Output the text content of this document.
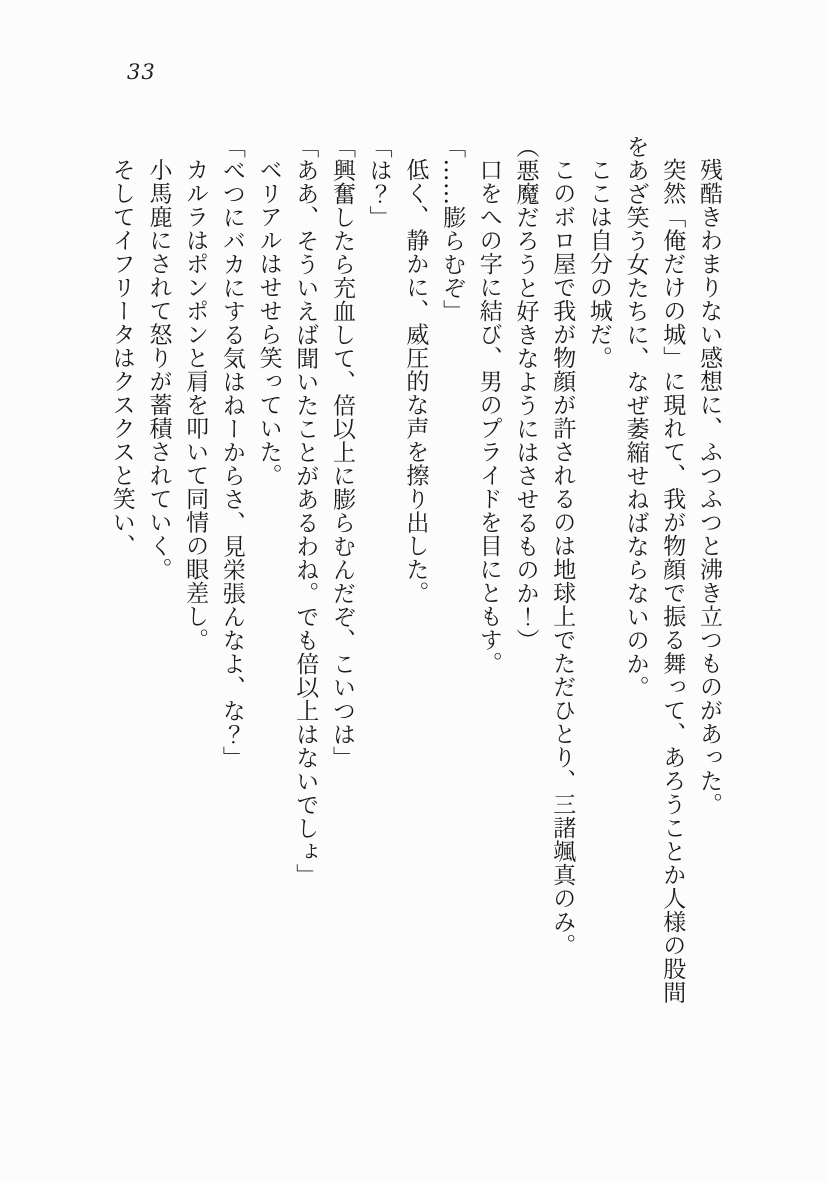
33

残酷きわまりない感想に、ふつふつと沸き立つものがあった。

突然「俺だけの城」に現れて、我が物顔で振る舞って、あろうことか人様の股間をあざ笑う女たちに、なぜ萎縮せねばならないのか。

ここは自分の城だ。

このボロ屋で我が物顔が許されるのは地球上でただひとり、三諸颯真のみ。

（悪魔だろうと好きなようにはさせるものか！）

口をへの字に結び、男のプライドを目にともす。

「……膨らむぞ」

低く、静かに、威圧的な声を擦り出した。

「は？」

「興奮したら充血して、倍以上に膨らむんだぞ、こいつは」

「ああ、そういえば聞いたことがあるわね。でも倍以上はないでしょ」

ベリアルはせせら笑っていた。

「べつにバカにする気はねーからさ、見栄張んなよ、な？」

カルラはポンポンと肩を叩いて同情の眼差し。

小馬鹿にされて怒りが蓄積されていく。

そしてイフリータはクスクスと笑い、
